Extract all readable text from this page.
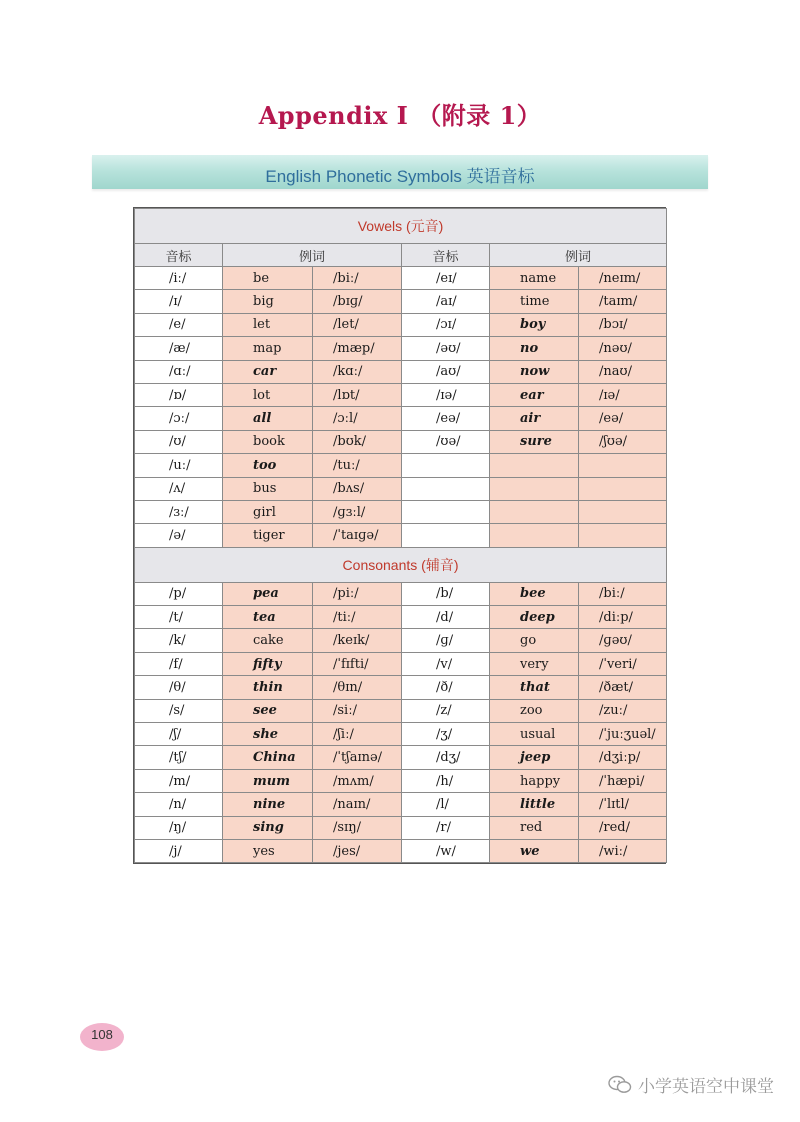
Appendix I （附录 1）
English Phonetic Symbols 英语音标
Vowels (元音)					
音标	例词		音标	例词	
/iː/	be	/biː/	/eɪ/	name	/neɪm/
/ɪ/	big	/bɪɡ/	/aɪ/	time	/taɪm/
/e/	let	/let/	/ɔɪ/	boy	/bɔɪ/
/æ/	map	/mæp/	/əʊ/	no	/nəʊ/
/ɑː/	car	/kɑː/	/aʊ/	now	/naʊ/
/ɒ/	lot	/lɒt/	/ɪə/	ear	/ɪə/
/ɔː/	all	/ɔːl/	/eə/	air	/eə/
/ʊ/	book	/bʊk/	/ʊə/	sure	/ʃʊə/
/uː/	too	/tuː/			
/ʌ/	bus	/bʌs/			
/ɜː/	girl	/ɡɜːl/			
/ə/	tiger	/ˈtaɪɡə/			
Consonants (辅音)					
/p/	pea	/piː/	/b/	bee	/biː/
/t/	tea	/tiː/	/d/	deep	/diːp/
/k/	cake	/keɪk/	/ɡ/	go	/ɡəʊ/
/f/	fifty	/ˈfɪfti/	/v/	very	/ˈveri/
/θ/	thin	/θɪn/	/ð/	that	/ðæt/
/s/	see	/siː/	/z/	zoo	/zuː/
/ʃ/	she	/ʃiː/	/ʒ/	usual	/ˈjuːʒuəl/
/tʃ/	China	/ˈtʃaɪnə/	/dʒ/	jeep	/dʒiːp/
/m/	mum	/mʌm/	/h/	happy	/ˈhæpi/
/n/	nine	/naɪn/	/l/	little	/ˈlɪtl/
/ŋ/	sing	/sɪŋ/	/r/	red	/red/
/j/	yes	/jes/	/w/	we	/wiː/
108
小学英语空中课堂
